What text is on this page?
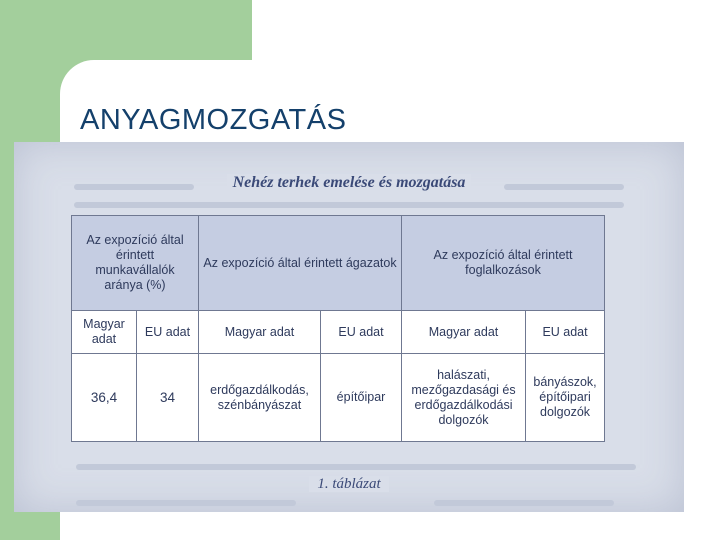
ANYAGMOZGATÁS

Nehéz terhek emelése és mozgatása

Az expozíció által érintett munkavállalók aránya (%)		Az expozíció által érintett ágazatok		Az expozíció által érintett foglalkozások	
Magyar adat	EU adat	Magyar adat	EU adat	Magyar adat	EU adat
36,4	34	erdőgazdálkodás, szénbányászat	építőipar	halászati, mezőgazdasági és erdőgazdálkodási dolgozók	bányászok, építőipari dolgozók

1. táblázat
